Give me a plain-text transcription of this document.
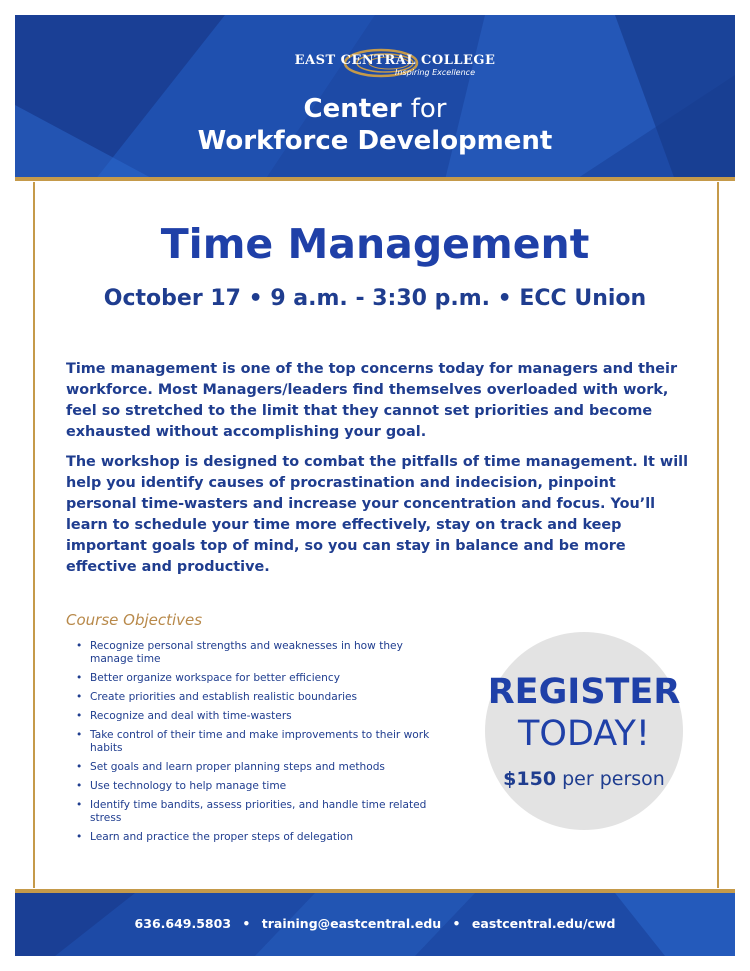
EAST CENTRAL COLLEGE
Inspiring Excellence
Center for
Workforce Development
Time Management
October 17 • 9 a.m. - 3:30 p.m. • ECC Union

Time management is one of the top concerns today for managers and their workforce. Most Managers/leaders find themselves overloaded with work, feel so stretched to the limit that they cannot set priorities and become exhausted without accomplishing your goal.

The workshop is designed to combat the pitfalls of time management. It will help you identify causes of procrastination and indecision, pinpoint personal time-wasters and increase your concentration and focus. You’ll learn to schedule your time more effectively, stay on track and keep important goals top of mind, so you can stay in balance and be more effective and productive.

Course Objectives
• Recognize personal strengths and weaknesses in how they manage time
• Better organize workspace for better efficiency
• Create priorities and establish realistic boundaries
• Recognize and deal with time-wasters
• Take control of their time and make improvements to their work habits
• Set goals and learn proper planning steps and methods
• Use technology to help manage time
• Identify time bandits, assess priorities, and handle time related stress
• Learn and practice the proper steps of delegation
REGISTER
TODAY!
$150 per person
636.649.5803 • training@eastcentral.edu • eastcentral.edu/cwd
